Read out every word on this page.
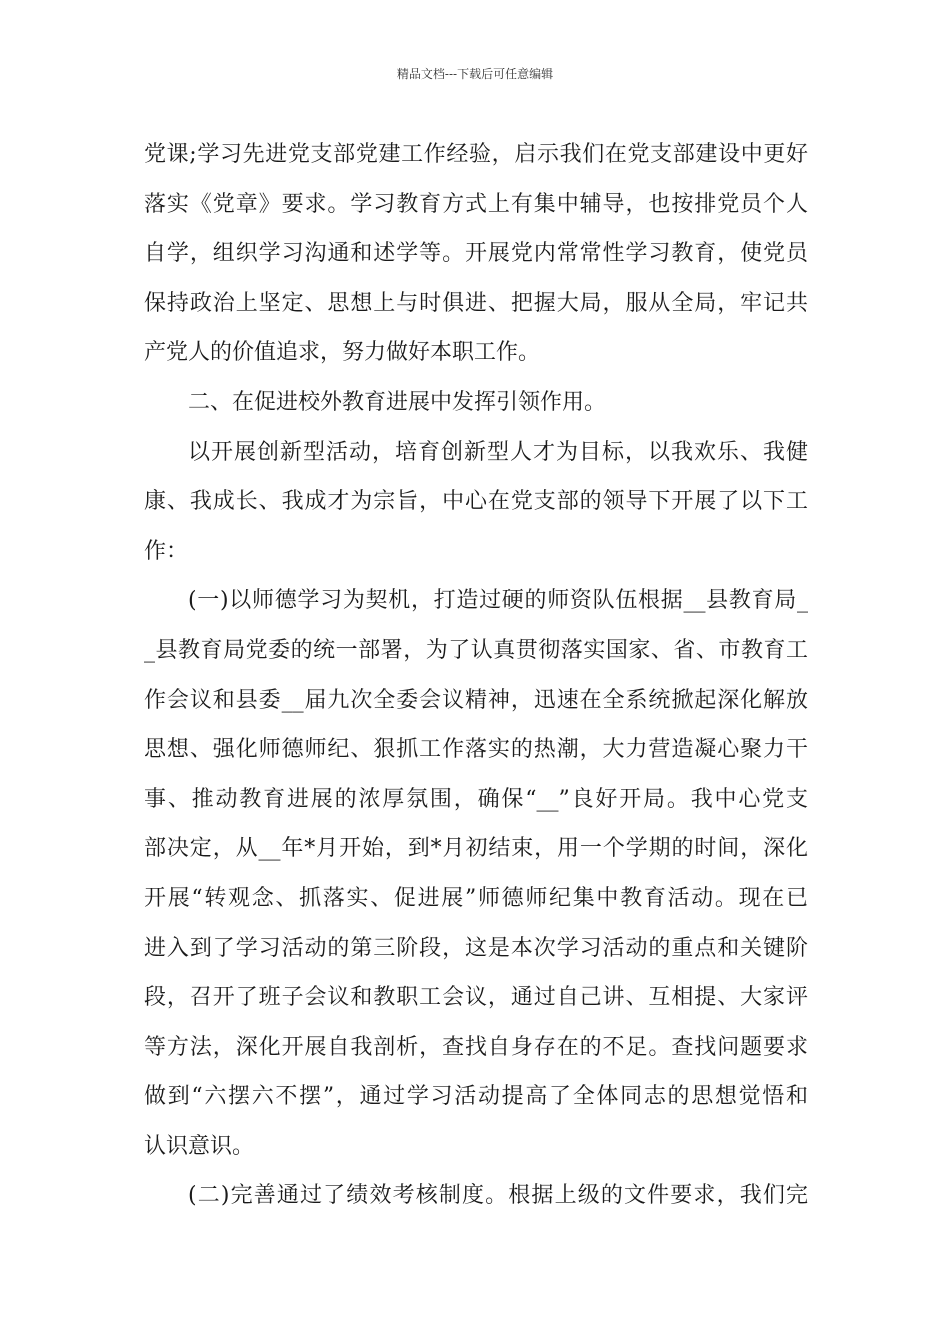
精品文档---下载后可任意编辑
党课;学习先进党支部党建工作经验，启示我们在党支部建设中更好
落实《党章》要求。学习教育方式上有集中辅导，也按排党员个人
自学，组织学习沟通和述学等。开展党内常常性学习教育，使党员
保持政治上坚定、思想上与时俱进、把握大局，服从全局，牢记共
产党人的价值追求，努力做好本职工作。
二、在促进校外教育进展中发挥引领作用。
以开展创新型活动，培育创新型人才为目标，以我欢乐、我健
康、我成长、我成才为宗旨，中心在党支部的领导下开展了以下工
作：
(一)以师德学习为契机，打造过硬的师资队伍根据__县教育局_
_县教育局党委的统一部署，为了认真贯彻落实国家、省、市教育工
作会议和县委__届九次全委会议精神，迅速在全系统掀起深化解放
思想、强化师德师纪、狠抓工作落实的热潮，大力营造凝心聚力干
事、推动教育进展的浓厚氛围，确保“__”良好开局。我中心党支
部决定，从__年*月开始，到*月初结束，用一个学期的时间，深化
开展“转观念、抓落实、促进展”师德师纪集中教育活动。现在已
进入到了学习活动的第三阶段，这是本次学习活动的重点和关键阶
段，召开了班子会议和教职工会议，通过自己讲、互相提、大家评
等方法，深化开展自我剖析，查找自身存在的不足。查找问题要求
做到“六摆六不摆”，通过学习活动提高了全体同志的思想觉悟和
认识意识。
(二)完善通过了绩效考核制度。根据上级的文件要求，我们完
